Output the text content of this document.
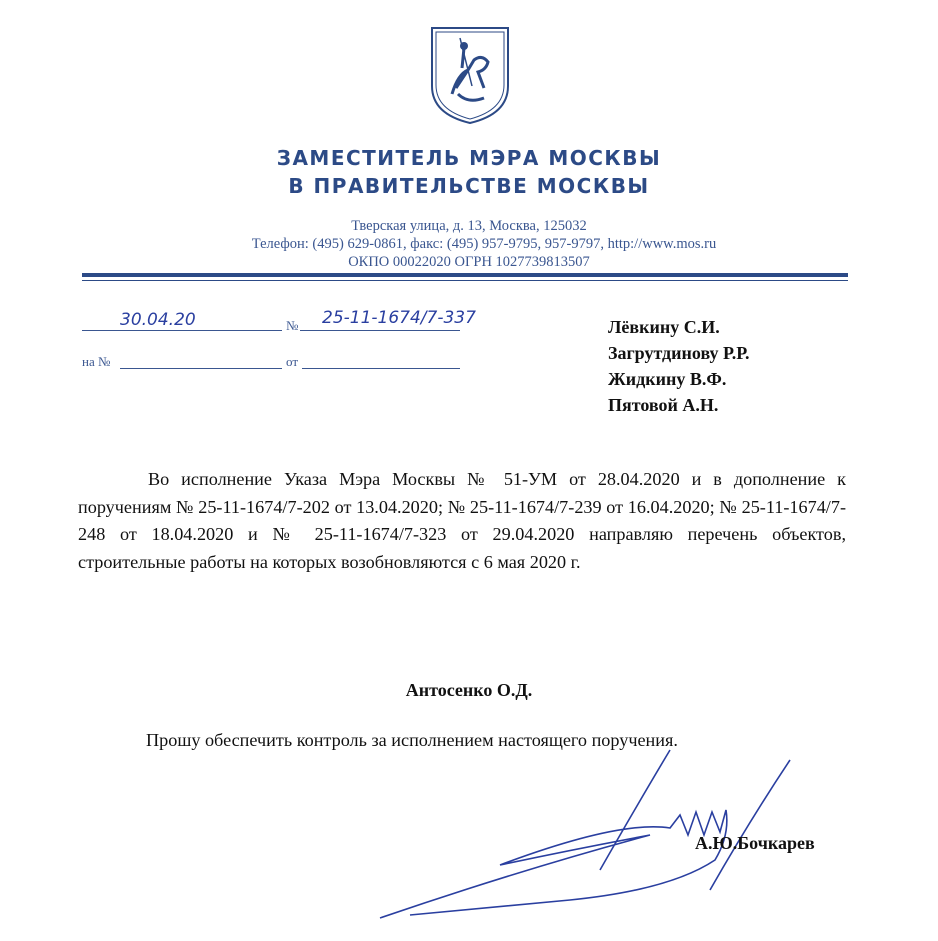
ЗАМЕСТИТЕЛЬ МЭРА МОСКВЫ
В ПРАВИТЕЛЬСТВЕ МОСКВЫ
Тверская улица, д. 13, Москва, 125032
Телефон: (495) 629-0861, факс: (495) 957-9795, 957-9797, http://www.mos.ru
ОКПО 00022020 ОГРН 1027739813507
30.04.20	№ 25-11-1674/7-337
на №	от
Лёвкину С.И.
Загрутдинову Р.Р.
Жидкину В.Ф.
Пятовой А.Н.
Во исполнение Указа Мэра Москвы № 51-УМ от 28.04.2020 и в дополнение к поручениям № 25-11-1674/7-202 от 13.04.2020; № 25-11-1674/7-239 от 16.04.2020; № 25-11-1674/7-248 от 18.04.2020 и № 25-11-1674/7-323 от 29.04.2020 направляю перечень объектов, строительные работы на которых возобновляются с 6 мая 2020 г.
Антосенко О.Д.
Прошу обеспечить контроль за исполнением настоящего поручения.
А.Ю.Бочкарев
